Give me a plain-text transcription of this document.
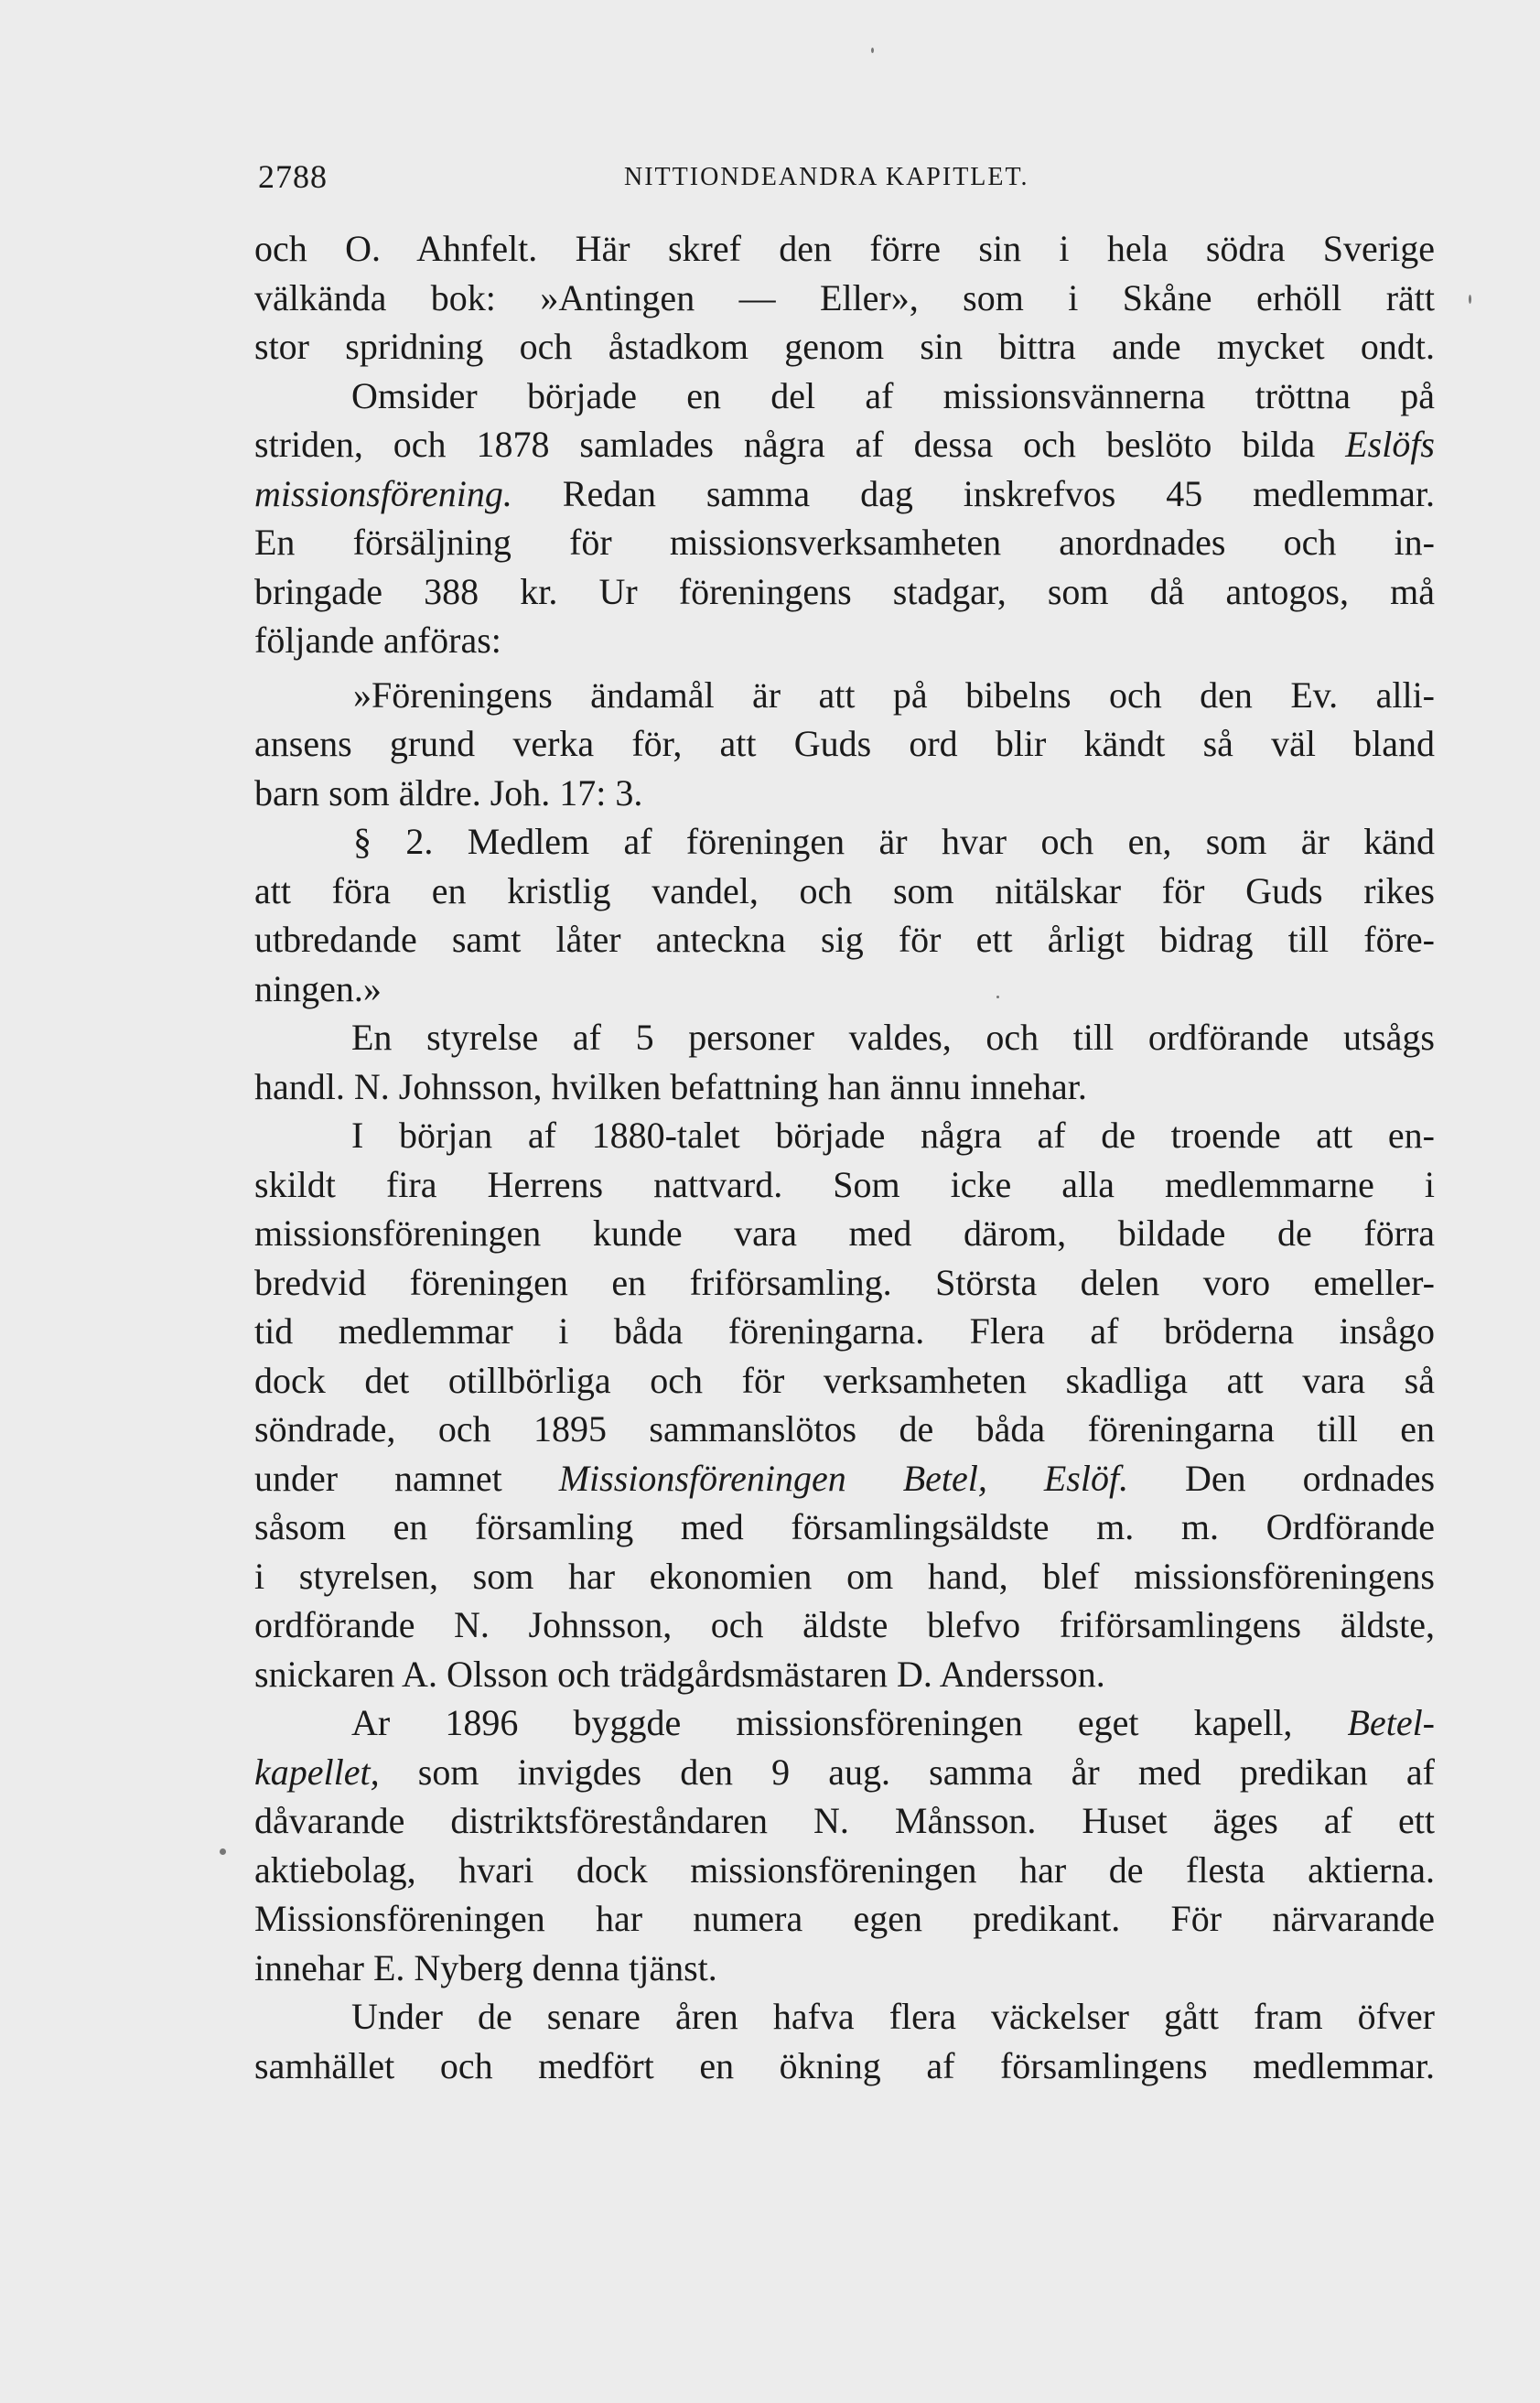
2788	NITTIONDEANDRA KAPITLET.
och O. Ahnfelt. Här skref den förre sin i hela södra Sverige
välkända bok: »Antingen — Eller», som i Skåne erhöll rätt
stor spridning och åstadkom genom sin bittra ande mycket ondt.
Omsider började en del af missionsvännerna tröttna på
striden, och 1878 samlades några af dessa och beslöto bilda Eslöfs
missionsförening. Redan samma dag inskrefvos 45 medlemmar.
En försäljning för missionsverksamheten anordnades och in-
bringade 388 kr. Ur föreningens stadgar, som då antogos, må
följande anföras:
»Föreningens ändamål är att på bibelns och den Ev. alli-
ansens grund verka för, att Guds ord blir kändt så väl bland
barn som äldre. Joh. 17: 3.
§ 2. Medlem af föreningen är hvar och en, som är känd
att föra en kristlig vandel, och som nitälskar för Guds rikes
utbredande samt låter anteckna sig för ett årligt bidrag till före-
ningen.»
En styrelse af 5 personer valdes, och till ordförande utsågs
handl. N. Johnsson, hvilken befattning han ännu innehar.
I början af 1880-talet började några af de troende att en-
skildt fira Herrens nattvard. Som icke alla medlemmarne i
missionsföreningen kunde vara med därom, bildade de förra
bredvid föreningen en friförsamling. Största delen voro emeller-
tid medlemmar i båda föreningarna. Flera af bröderna insågo
dock det otillbörliga och för verksamheten skadliga att vara så
söndrade, och 1895 sammanslötos de båda föreningarna till en
under namnet Missionsföreningen Betel, Eslöf. Den ordnades
såsom en församling med församlingsäldste m. m. Ordförande
i styrelsen, som har ekonomien om hand, blef missionsföreningens
ordförande N. Johnsson, och äldste blefvo friförsamlingens äldste,
snickaren A. Olsson och trädgårdsmästaren D. Andersson.
Ar 1896 byggde missionsföreningen eget kapell, Betel-
kapellet, som invigdes den 9 aug. samma år med predikan af
dåvarande distriktsföreståndaren N. Månsson. Huset äges af ett
aktiebolag, hvari dock missionsföreningen har de flesta aktierna.
Missionsföreningen har numera egen predikant. För närvarande
innehar E. Nyberg denna tjänst.
Under de senare åren hafva flera väckelser gått fram öfver
samhället och medfört en ökning af församlingens medlemmar.
